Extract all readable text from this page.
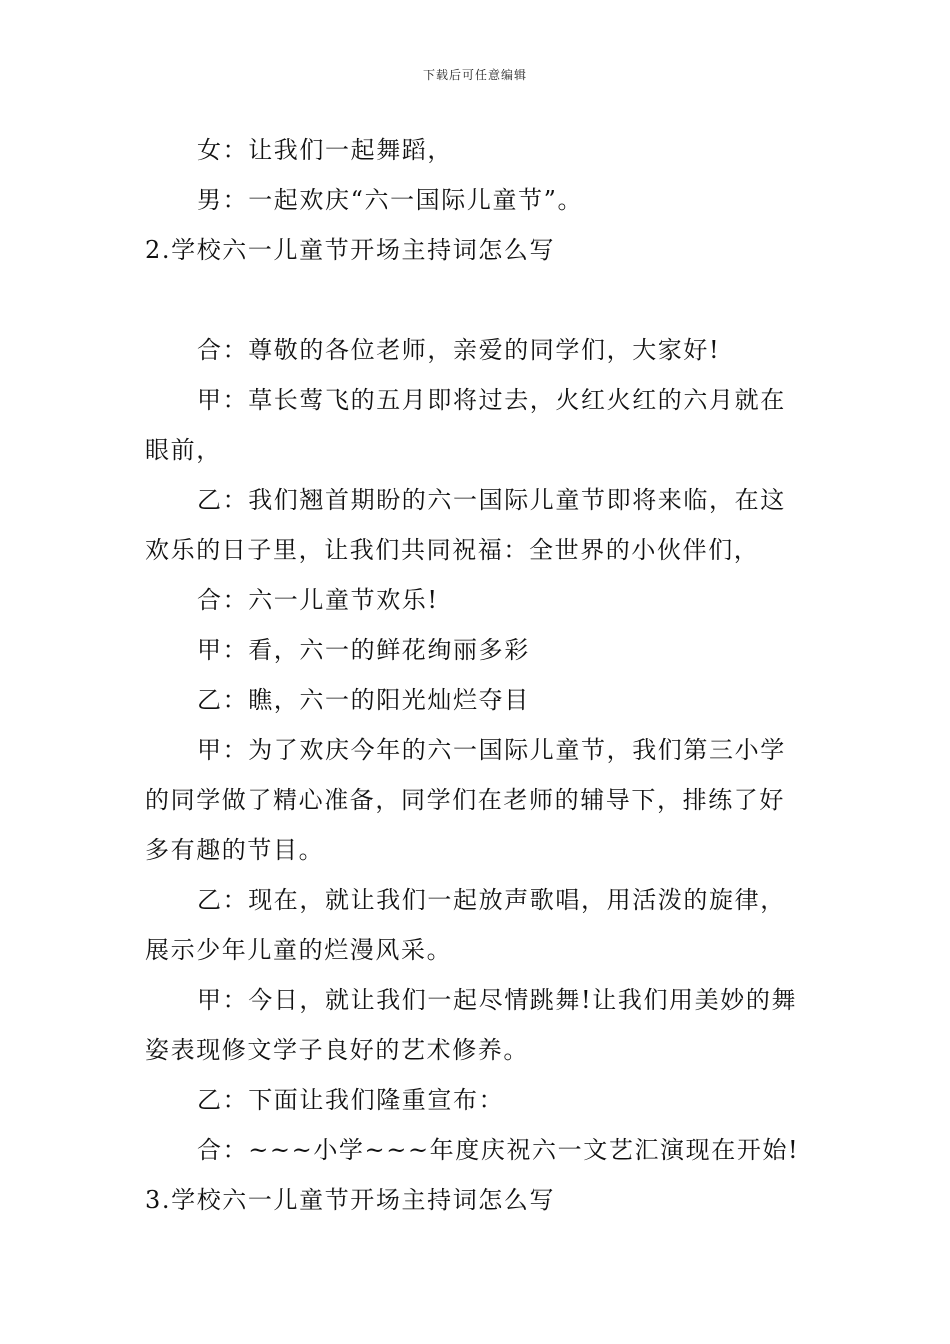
下载后可任意编辑

女：让我们一起舞蹈，

男：一起欢庆“六一国际儿童节”。

2.学校六一儿童节开场主持词怎么写

合：尊敬的各位老师，亲爱的同学们，大家好!

甲：草长莺飞的五月即将过去，火红火红的六月就在

眼前，

乙：我们翘首期盼的六一国际儿童节即将来临，在这

欢乐的日子里，让我们共同祝福：全世界的小伙伴们，

合：六一儿童节欢乐!

甲：看，六一的鲜花绚丽多彩

乙：瞧，六一的阳光灿烂夺目

甲：为了欢庆今年的六一国际儿童节，我们第三小学

的同学做了精心准备，同学们在老师的辅导下，排练了好

多有趣的节目。

乙：现在，就让我们一起放声歌唱，用活泼的旋律，

展示少年儿童的烂漫风采。

甲：今日，就让我们一起尽情跳舞!让我们用美妙的舞

姿表现修文学子良好的艺术修养。

乙：下面让我们隆重宣布：

合：~~~小学~~~年度庆祝六一文艺汇演现在开始!

3.学校六一儿童节开场主持词怎么写
